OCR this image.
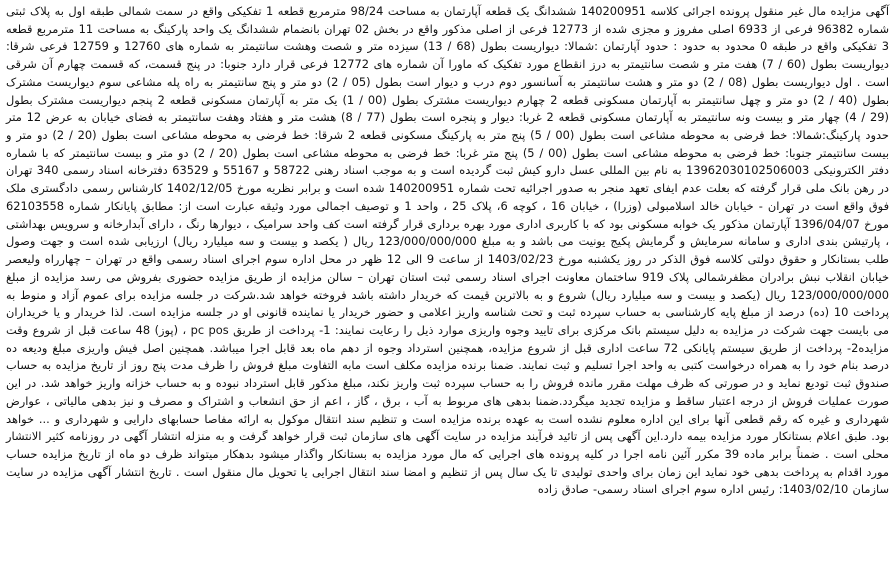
آگهی مزایده مال غیر منقول پرونده اجرائی کلاسه 140200951 ششدانگ یک قطعه آپارتمان به مساحت 98/24 مترمربع قطعه 1 تفکیکی واقع در سمت شمالی طبقه اول به پلاک ثبتی شماره 96382 فرعی از 6933 اصلی مفروز و مجزی شده از 12773 فرعی از اصلی مذکور واقع در بخش 02 تهران بانضمام ششدانگ یک واحد پارکینگ به مساحت 11 مترمربع قطعه 3 تفکیکی واقع در طبقه 0 محدود به حدود : حدود آپارتمان :شمالا: دیواریست بطول (68 / 13) سیزده متر و شصت وهشت سانتیمتر به شماره های 12760 و 12759 فرعی شرقا: دیواریست بطول (60 / 7) هفت متر و شصت سانتیمتر به درز انقطاع مورد تفکیک که ماورا آن شماره های 12772 فرعی قرار دارد جنوبا: در پنج قسمت، که قسمت چهارم آن شرقی است . اول دیواریست بطول (08 / 2) دو متر و هشت سانتیمتر به آسانسور دوم درب و دیوار است بطول (05 / 2) دو متر و پنج سانتیمتر به راه پله مشاعی سوم دیواریست مشترک بطول (40 / 2) دو متر و چهل سانتیمتر به آپارتمان مسکونی قطعه 2 چهارم دیواریست مشترک بطول (00 / 1) یک متر به آپارتمان مسکونی قطعه 2 پنجم دیواریست مشترک بطول (29 / 4) چهار متر و بیست ونه سانتیمتر به آپارتمان مسکونی قطعه 2 غربا: دیوار و پنجره است بطول (77 / 8) هشت متر و هفتاد وهفت سانتیمتر به فضای خیابان به عرض 12 متر حدود پارکینگ:شمالا: خط فرضی به محوطه مشاعی است بطول (00 / 5) پنج متر به پارکینگ مسکونی قطعه 2 شرقا: خط فرضی به محوطه مشاعی است بطول (20 / 2) دو متر و بیست سانتیمتر جنوبا: خط فرضی به محوطه مشاعی است بطول (00 / 5) پنج متر غربا: خط فرضی به محوطه مشاعی است بطول (20 / 2) دو متر و بیست سانتیمتر که با شماره دفتر الکترونیکی 13962030102506003 به نام بین المللی عسل دارو کیش ثبت گردیده است و به موجب اسناد رهنی 58722 و 55167 و 63529 دفترخانه اسناد رسمی 340 تهران در رهن بانک ملی قرار گرفته که بعلت عدم ایفای تعهد منجر به صدور اجرائیه تحت شماره 140200951 شده است و برابر نظریه مورخ 1402/12/05 کارشناس رسمی دادگستری ملک فوق واقع است در تهران - خیابان خالد اسلامبولی (وزرا) ، خیابان 16 ، کوچه 6، پلاک 25 ، واحد 1 و توصیف اجمالی مورد وثیقه عبارت است از: مطابق پایانکار شماره 62103558 مورخ 1396/04/07 آپارتمان مذکور یک خوابه مسکونی بود که با کاربری اداری مورد بهره برداری قرار گرفته است کف واحد سرامیک ، دیوارها رنگ ، دارای آبدارخانه و سرویس بهداشتی ، پارتیشن بندی اداری و سامانه سرمایش و گرمایش پکیج یونیت می باشد و به مبلغ 123/000/000/000 ریال ( یکصد و بیست و سه میلیارد ریال) ارزیابی شده است و جهت وصول طلب بستانکار و حقوق دولتی کلاسه فوق الذکر در روز یکشنبه مورخ 1403/02/23 از ساعت 9 الی 12 ظهر در محل اداره سوم اجرای اسناد رسمی واقع در تهران – چهارراه ولیعصر خیابان انقلاب نبش برادران مظفرشمالی پلاک 919 ساختمان معاونت اجرای اسناد رسمی ثبت استان تهران – سالن مزایده از طریق مزایده حضوری بفروش می رسد مزایده از مبلغ 123/000/000/000 ریال (یکصد و بیست و سه میلیارد ریال) شروع و به بالاترین قیمت که خریدار داشته باشد فروخته خواهد شد.شرکت در جلسه مزایده برای عموم آزاد و منوط به پرداخت 10 (ده) درصد از مبلغ پایه کارشناسی به حساب سپرده ثبت و تحت شناسه واریز اعلامی و حضور خریدار یا نماینده قانونی او در جلسه مزایده است. لذا خریدار و یا خریداران می بایست جهت شرکت در مزایده به دلیل سیستم بانک مرکزی برای تایید وجوه واریزی موارد ذیل را رعایت نمایند: 1- پرداخت از طریق pc pos ، (پوز) 48 ساعت قبل از شروع وقت مزایده2- پرداخت از طریق سیستم پایانکی 72 ساعت اداری قبل از شروع مزایده، همچنین استرداد وجوه از دهم ماه بعد قابل اجرا میباشد. همچنین اصل فیش واریزی مبلغ ودیعه ده درصد بنام خود را به همراه درخواست کتبی به واحد اجرا تسلیم و ثبت نمایند. ضمنا برنده مزایده مکلف است مابه التفاوت مبلغ فروش را ظرف مدت پنج روز از تاریخ مزایده به حساب صندوق ثبت تودیع نماید و در صورتی که ظرف مهلت مقرر مانده فروش را به حساب سپرده ثبت واریز نکند، مبلغ مذکور قابل استرداد نبوده و به حساب خزانه واریز خواهد شد. در این صورت عملیات فروش از درجه اعتبار ساقط و مزایده تجدید میگردد.ضمنا بدهی های مربوط به آب ، برق ، گاز ، اعم از حق انشعاب و اشتراک و مصرف و نیز بدهی مالیاتی ، عوارض شهرداری و غیره که رقم قطعی آنها برای این اداره معلوم نشده است به عهده برنده مزایده است و تنظیم سند انتقال موکول به ارائه مفاصا حسابهای دارایی و شهرداری و ... خواهد بود. طبق اعلام بستانکار مورد مزایده بیمه دارد.این آگهی پس از تائید فرآیند مزایده در سایت آگهی های سازمان ثبت قرار خواهد گرفت و به منزله انتشار آگهی در روزنامه کثیر الانتشار محلی است . ضمناً برابر ماده 39 مکرر آئین نامه اجرا در کلیه پرونده های اجرایی که مال مورد مزایده به بستانکار واگذار میشود بدهکار میتواند ظرف دو ماه از تاریخ مزایده حساب مورد اقدام به پرداخت بدهی خود نماید این زمان برای واحدی تولیدی تا یک سال پس از تنظیم و امضا سند انتقال اجرایی یا تحویل مال منقول است . تاریخ انتشار آگهی مزایده در سایت سازمان 1403/02/10: رئیس اداره سوم اجرای اسناد رسمی- صادق زاده
